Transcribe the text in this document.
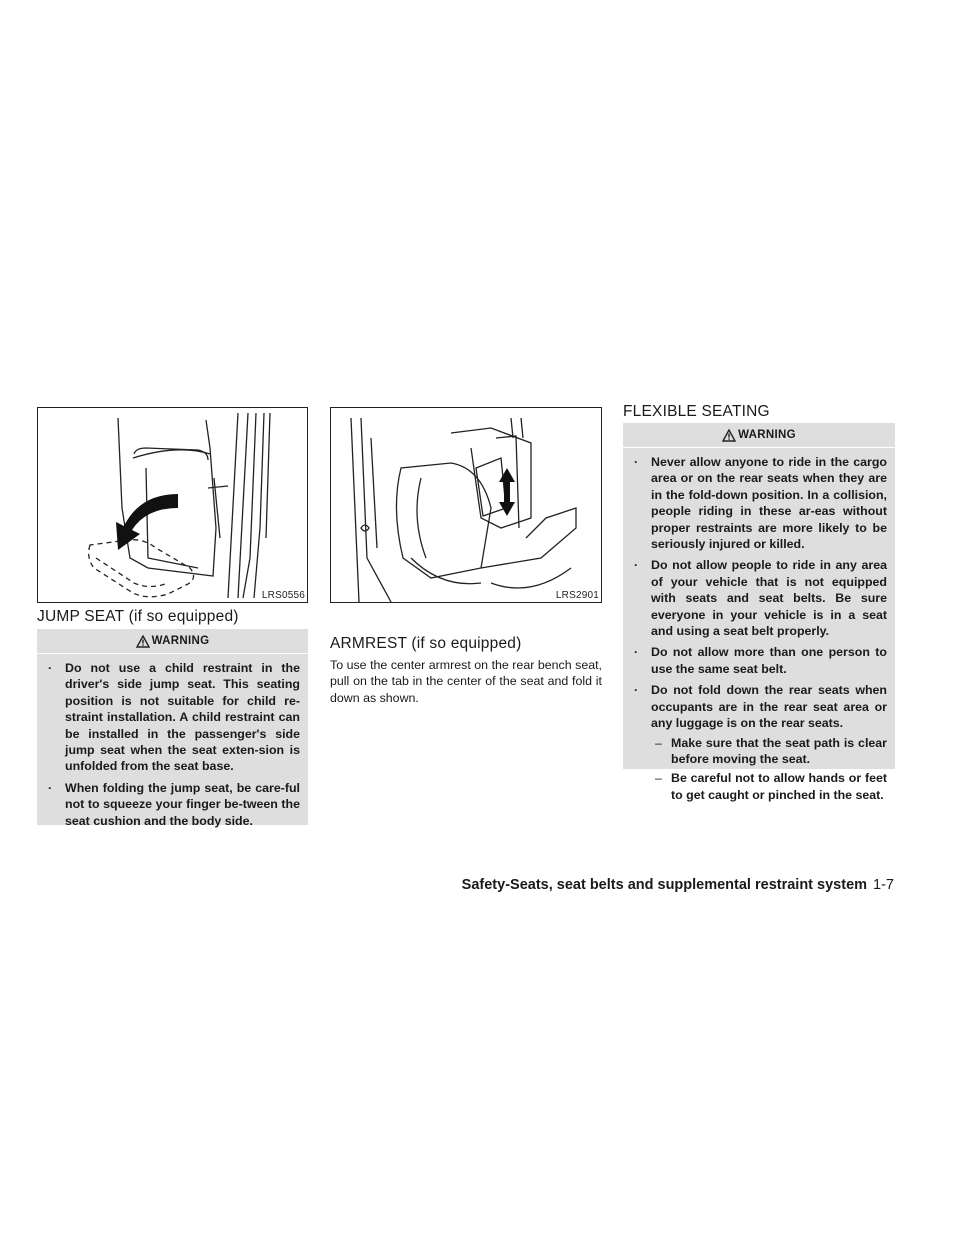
LRS0556
JUMP SEAT (if so equipped)
WARNING
· Do not use a child restraint in the driver's side jump seat. This seating position is not suitable for child re-straint installation. A child restraint can be installed in the passenger's side jump seat when the seat exten-sion is unfolded from the seat base.
· When folding the jump seat, be care-ful not to squeeze your finger be-tween the seat cushion and the body side.
LRS2901
ARMREST (if so equipped)
To use the center armrest on the rear bench seat, pull on the tab in the center of the seat and fold it down as shown.
FLEXIBLE SEATING
WARNING
· Never allow anyone to ride in the cargo area or on the rear seats when they are in the fold-down position. In a collision, people riding in these ar-eas without proper restraints are more likely to be seriously injured or killed.
· Do not allow people to ride in any area of your vehicle that is not equipped with seats and seat belts. Be sure everyone in your vehicle is in a seat and using a seat belt properly.
· Do not allow more than one person to use the same seat belt.
· Do not fold down the rear seats when occupants are in the rear seat area or any luggage is on the rear seats.
– Make sure that the seat path is clear before moving the seat.
– Be careful not to allow hands or feet to get caught or pinched in the seat.
Safety-Seats, seat belts and supplemental restraint system 1-7
